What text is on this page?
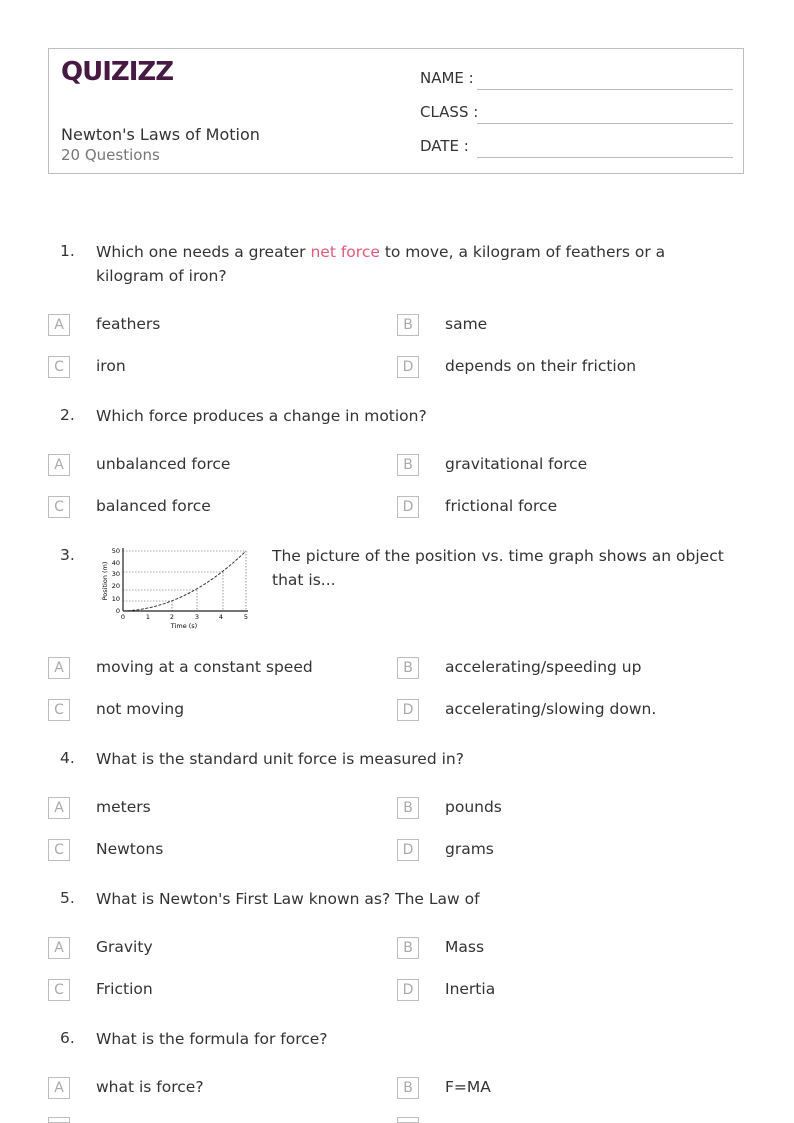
QUIZIZZ
Newton's Laws of Motion
20 Questions
NAME :
CLASS :
DATE :
1. Which one needs a greater net force to move, a kilogram of feathers or a kilogram of iron?
A	feathers	B	same
C	iron	D	depends on their friction
2. Which force produces a change in motion?
A	unbalanced force	B	gravitational force
C	balanced force	D	frictional force
3.	50
40
30
20
10
0
0	1	2	3	4	5
Time (s)
Position (m)
The picture of the position vs. time graph shows an object that is...
A	moving at a constant speed	B	accelerating/speeding up
C	not moving	D	accelerating/slowing down.
4. What is the standard unit force is measured in?
A	meters	B	pounds
C	Newtons	D	grams
5. What is Newton's First Law known as? The Law of
A	Gravity	B	Mass
C	Friction	D	Inertia
6. What is the formula for force?
A	what is force?	B	F=MA
